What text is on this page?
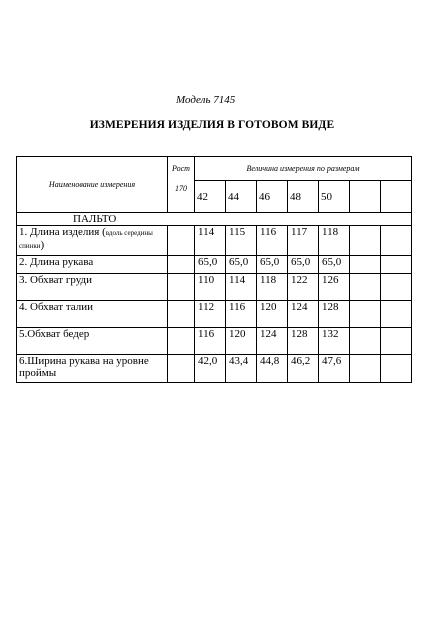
Модель 7145
ИЗМЕРЕНИЯ ИЗДЕЛИЯ В ГОТОВОМ ВИДЕ
Наименование измерения	Рост
170	Величина измерения по размерам						
		42	44	46	48	50		
ПАЛЬТО								
1. Длина изделия (вдоль середины спинки)		114	115	116	117	118		
2. Длина рукава		65,0	65,0	65,0	65,0	65,0		
3. Обхват груди		110	114	118	122	126		
4. Обхват талии		112	116	120	124	128		
5.Обхват бедер		116	120	124	128	132		
6.Ширина рукава на уровне проймы		42,0	43,4	44,8	46,2	47,6		
